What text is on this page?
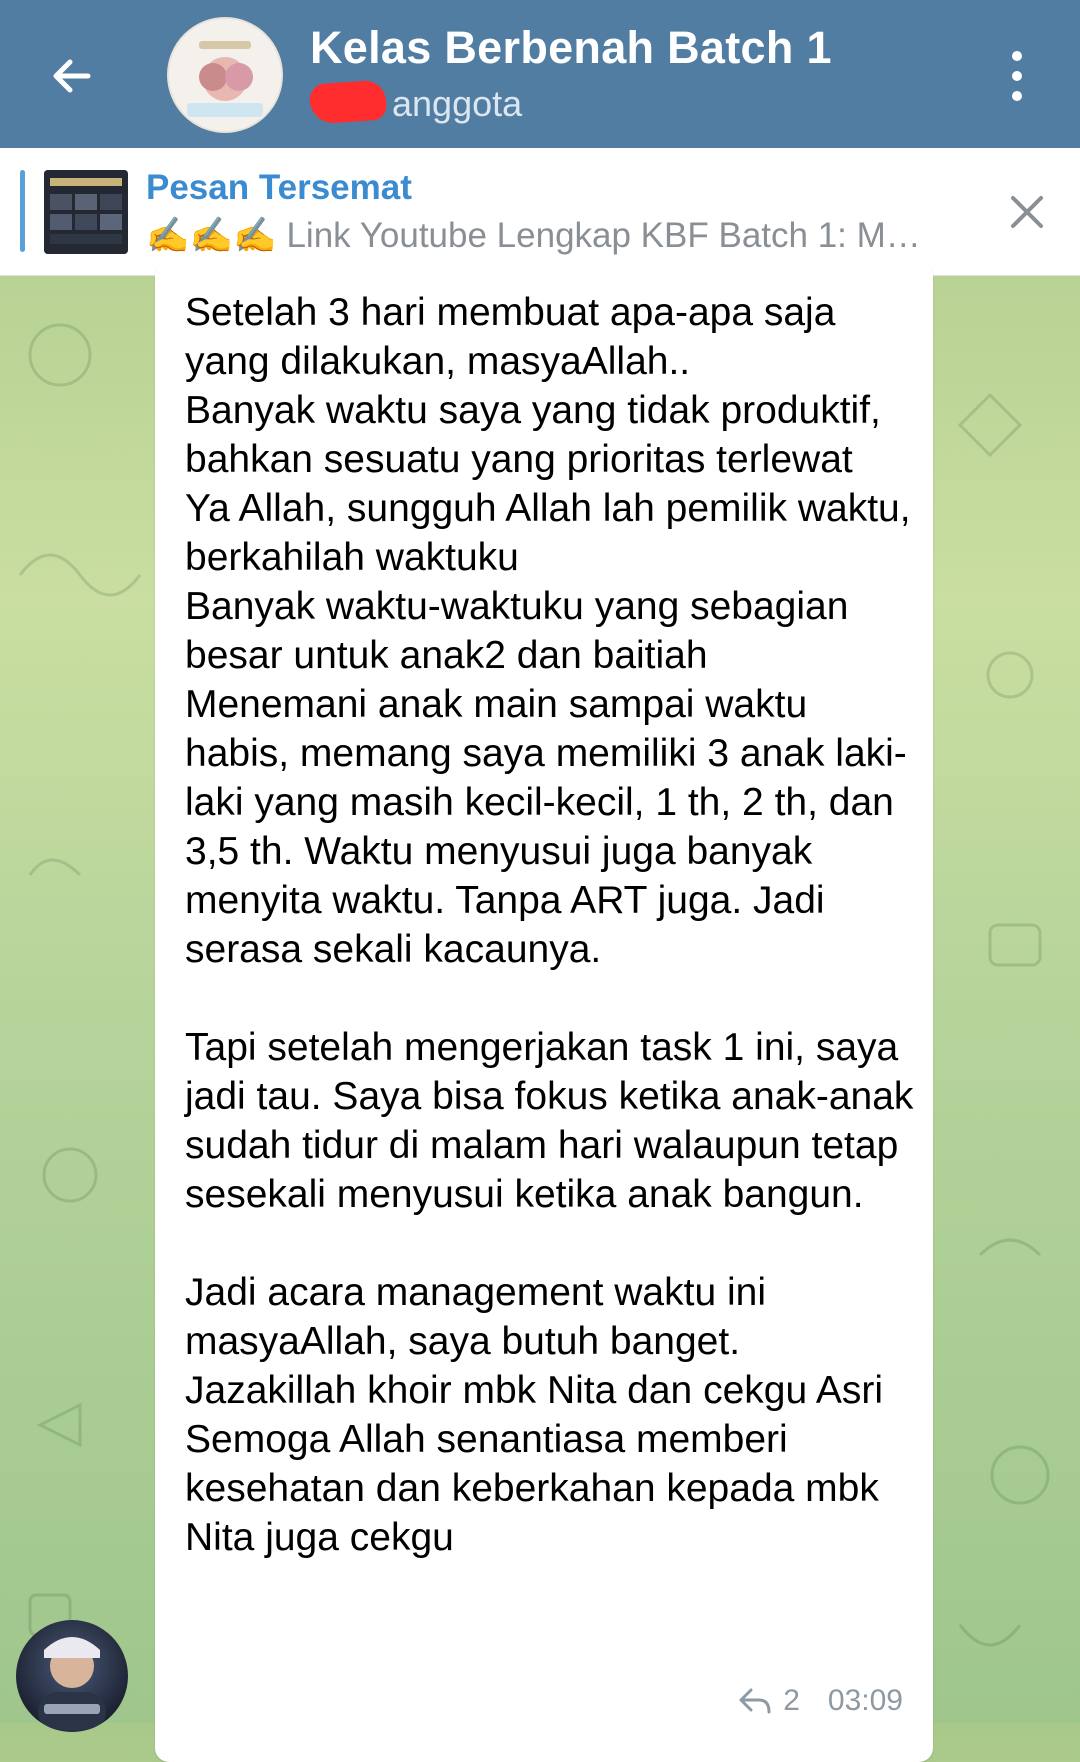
Kelas Berbenah Batch 1
anggota
Pesan Tersemat
✍️✍️✍️ Link Youtube Lengkap KBF Batch 1: M…
Setelah 3 hari membuat apa-apa saja yang dilakukan, masyaAllah..
Banyak waktu saya yang tidak produktif, bahkan sesuatu yang prioritas terlewat
Ya Allah, sungguh Allah lah pemilik waktu, berkahilah waktuku
Banyak waktu-waktuku yang sebagian besar untuk anak2 dan baitiah
Menemani anak main sampai waktu habis, memang saya memiliki 3 anak laki-laki yang masih kecil-kecil, 1 th, 2 th, dan 3,5 th. Waktu menyusui juga banyak menyita waktu. Tanpa ART juga. Jadi serasa sekali kacaunya.

Tapi setelah mengerjakan task 1 ini, saya jadi tau. Saya bisa fokus ketika anak-anak sudah tidur di malam hari walaupun tetap sesekali menyusui ketika anak bangun.

Jadi acara management waktu ini masyaAllah, saya butuh banget.
Jazakillah khoir mbk Nita dan cekgu Asri
Semoga Allah senantiasa memberi kesehatan dan keberkahan kepada mbk Nita juga cekgu
2 03:09
